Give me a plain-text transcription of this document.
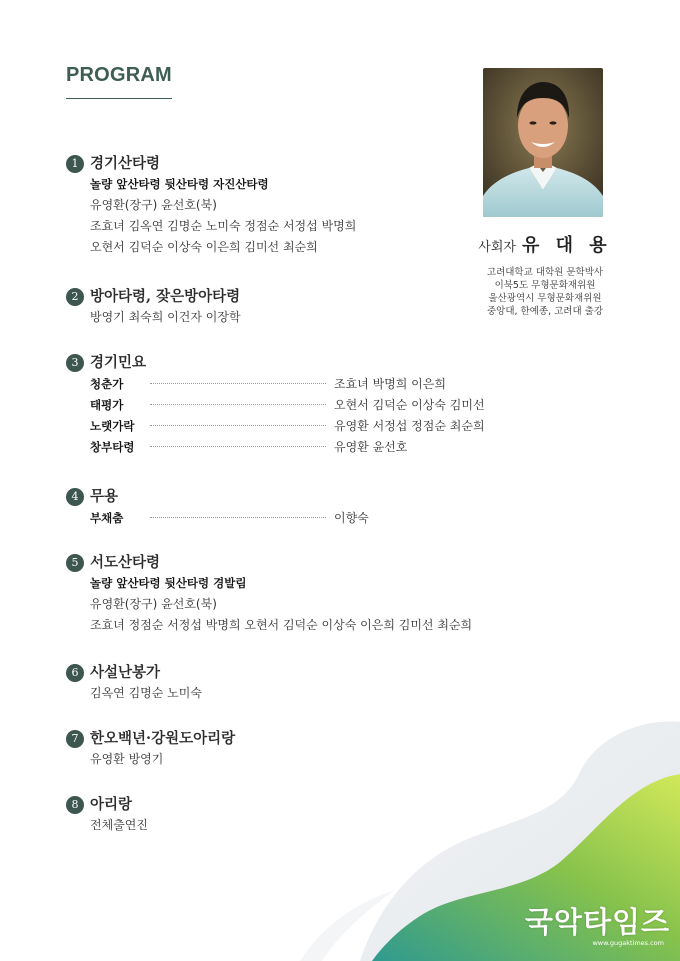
PROGRAM
사회자 유 대 용
고려대학교 대학원 문학박사
이북5도 무형문화재위원
울산광역시 무형문화재위원
중앙대, 한예종, 고려대 출강
1 경기산타령
놀량 앞산타령 뒷산타령 자진산타령
유영환(장구) 윤선호(북)
조효녀 김옥연 김명순 노미숙 정점순 서정섭 박명희
오현서 김덕순 이상숙 이은희 김미선 최순희
2 방아타령, 잦은방아타령
방영기 최숙희 이건자 이장학
3 경기민요
청춘가	조효녀 박명희 이은희
태평가	오현서 김덕순 이상숙 김미선
노랫가락	유영환 서정섭 정점순 최순희
창부타령	유영환 윤선호
4 무용
부채춤	이향숙
5 서도산타령
놀량 앞산타령 뒷산타령 경발림
유영환(장구) 윤선호(북)
조효녀 정점순 서정섭 박명희 오현서 김덕순 이상숙 이은희 김미선 최순희
6 사설난봉가
김옥연 김명순 노미숙
7 한오백년·강원도아리랑
유영환 방영기
8 아리랑
전체출연진
국악타임즈
www.gugaktimes.com
